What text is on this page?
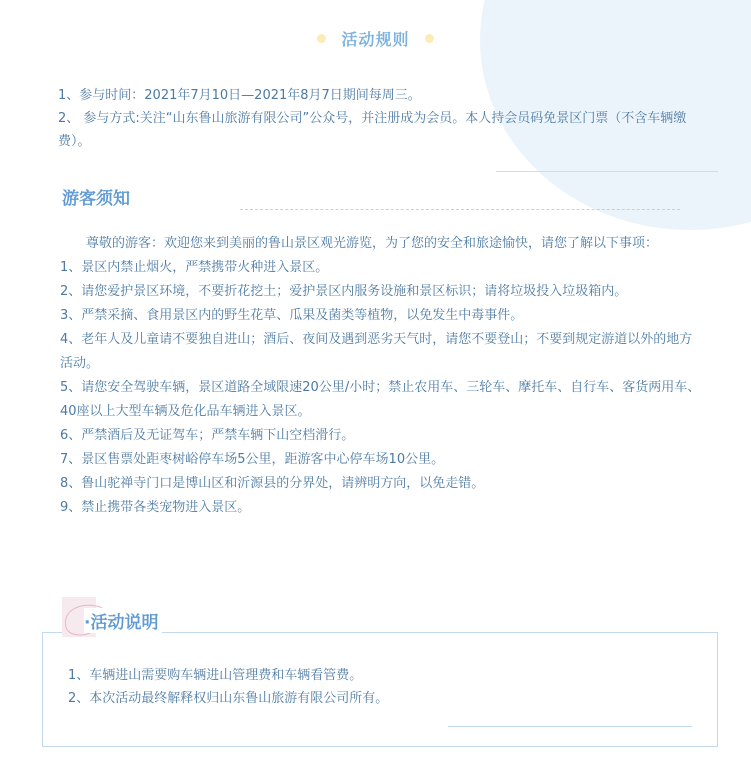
活动规则

1、参与时间：2021年7月10日—2021年8月7日期间每周三。

2、 参与方式:关注“山东鲁山旅游有限公司”公众号，并注册成为会员。本人持会员码免景区门票（不含车辆缴费）。

游客须知

尊敬的游客：欢迎您来到美丽的鲁山景区观光游览，为了您的安全和旅途愉快，请您了解以下事项：

1、景区内禁止烟火，严禁携带火种进入景区。

2、请您爱护景区环境，不要折花挖土；爱护景区内服务设施和景区标识；请将垃圾投入垃圾箱内。

3、严禁采摘、食用景区内的野生花草、瓜果及菌类等植物，以免发生中毒事件。

4、老年人及儿童请不要独自进山；酒后、夜间及遇到恶劣天气时，请您不要登山；不要到规定游道以外的地方活动。

5、请您安全驾驶车辆，景区道路全域限速20公里/小时；禁止农用车、三轮车、摩托车、自行车、客货两用车、40座以上大型车辆及危化品车辆进入景区。

6、严禁酒后及无证驾车；严禁车辆下山空档滑行。

7、景区售票处距枣树峪停车场5公里，距游客中心停车场10公里。

8、鲁山驼禅寺门口是博山区和沂源县的分界处，请辨明方向，以免走错。

9、禁止携带各类宠物进入景区。

·活动说明

1、车辆进山需要购车辆进山管理费和车辆看管费。

2、本次活动最终解释权归山东鲁山旅游有限公司所有。
